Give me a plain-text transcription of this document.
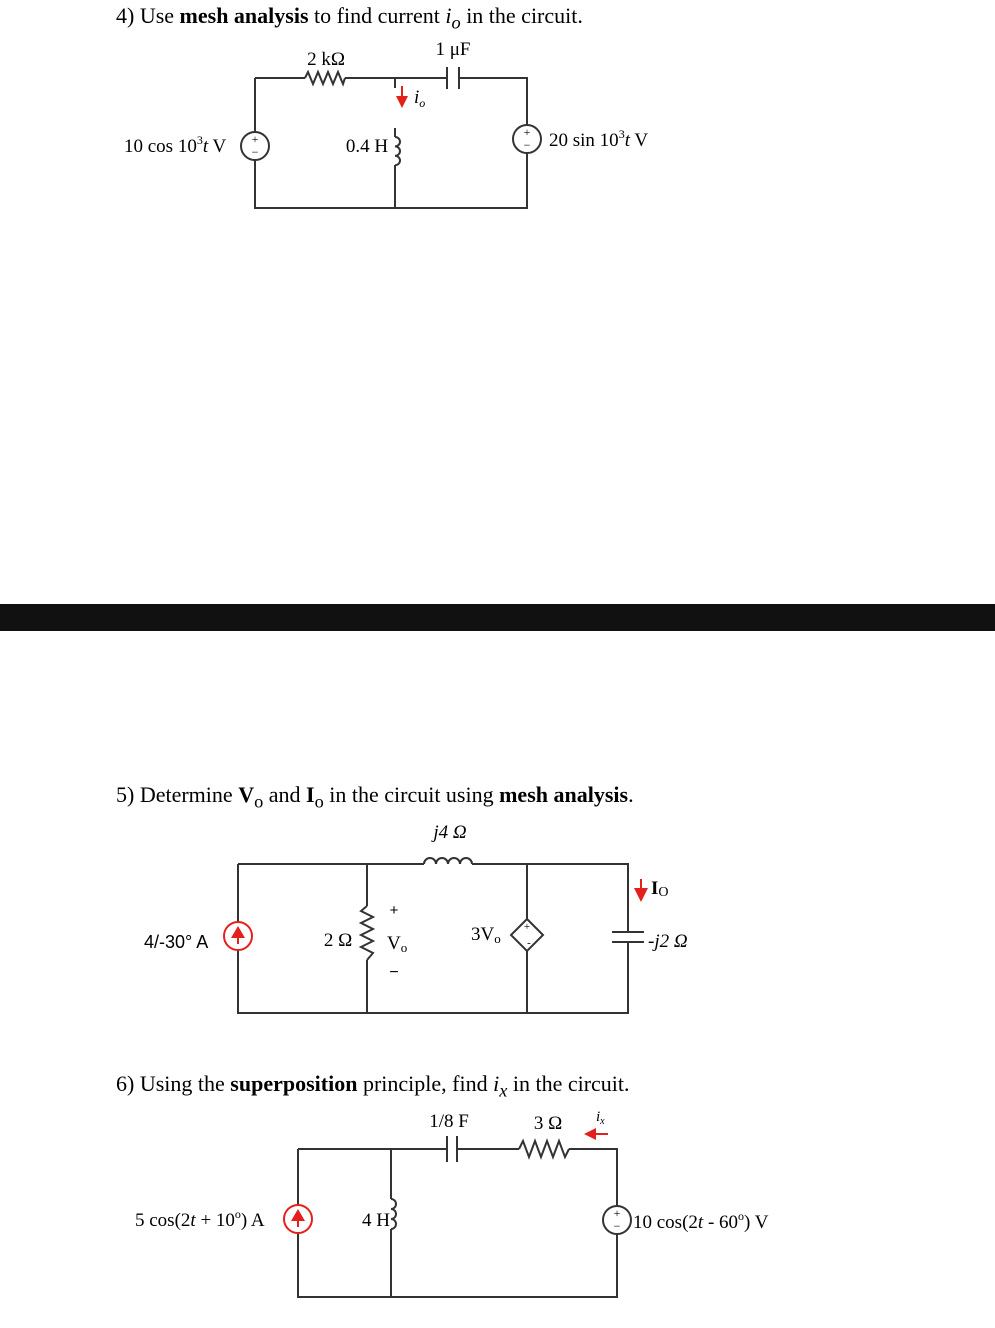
4) Use mesh analysis to find current $i_o$ in the circuit.

+
−
+
−
2 kΩ	1 μF
0.4 H
$i_o$
10 $\cos 10^3t$ V	20 $\sin 10^3t$ V
+
-
j4 Ω
4/-30° A	2 Ω
+
Vo
−
3Vo
IO
-j2 Ω
+
−
1/8 F	3 Ω $i_x$
4 H
5 $\cos(2t + 10^o)$ A	10 cos(2t - 60$^o$) V

5) Determine $V_o$ and $I_o$ in the circuit using mesh analysis.

6) Using the superposition principle, find $i_x$ in the circuit.
